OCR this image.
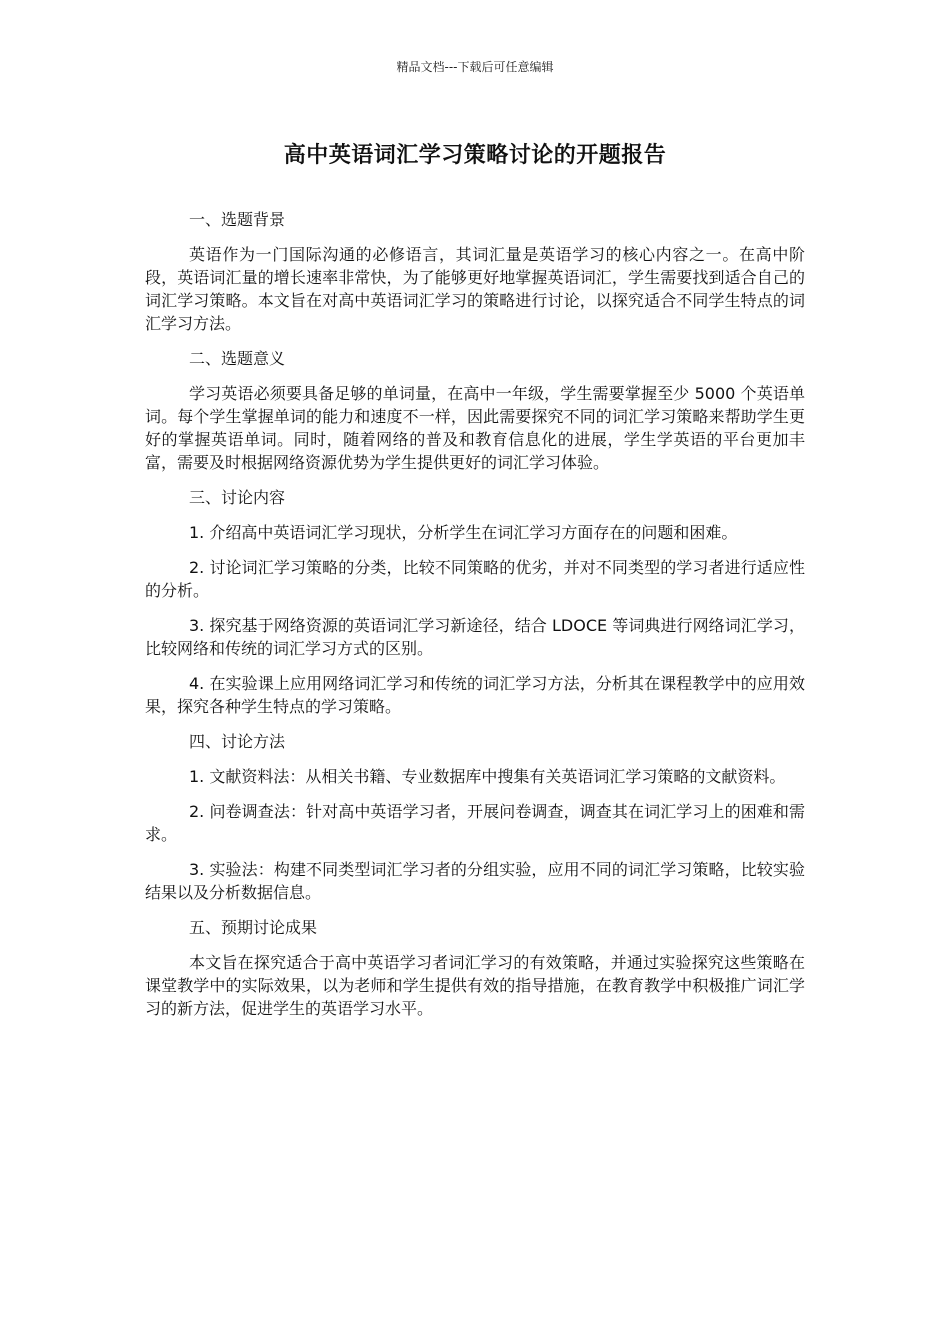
精品文档---下载后可任意编辑
高中英语词汇学习策略讨论的开题报告

一、选题背景

英语作为一门国际沟通的必修语言，其词汇量是英语学习的核心内容之一。在高中阶段，英语词汇量的增长速率非常快，为了能够更好地掌握英语词汇，学生需要找到适合自己的词汇学习策略。本文旨在对高中英语词汇学习的策略进行讨论，以探究适合不同学生特点的词汇学习方法。

二、选题意义

学习英语必须要具备足够的单词量，在高中一年级，学生需要掌握至少 5000 个英语单词。每个学生掌握单词的能力和速度不一样，因此需要探究不同的词汇学习策略来帮助学生更好的掌握英语单词。同时，随着网络的普及和教育信息化的进展，学生学英语的平台更加丰富，需要及时根据网络资源优势为学生提供更好的词汇学习体验。

三、讨论内容

1. 介绍高中英语词汇学习现状，分析学生在词汇学习方面存在的问题和困难。

2. 讨论词汇学习策略的分类，比较不同策略的优劣，并对不同类型的学习者进行适应性的分析。

3. 探究基于网络资源的英语词汇学习新途径，结合 LDOCE 等词典进行网络词汇学习，比较网络和传统的词汇学习方式的区别。

4. 在实验课上应用网络词汇学习和传统的词汇学习方法，分析其在课程教学中的应用效果，探究各种学生特点的学习策略。

四、讨论方法

1. 文献资料法：从相关书籍、专业数据库中搜集有关英语词汇学习策略的文献资料。

2. 问卷调查法：针对高中英语学习者，开展问卷调查，调查其在词汇学习上的困难和需求。

3. 实验法：构建不同类型词汇学习者的分组实验，应用不同的词汇学习策略，比较实验结果以及分析数据信息。

五、预期讨论成果

本文旨在探究适合于高中英语学习者词汇学习的有效策略，并通过实验探究这些策略在课堂教学中的实际效果，以为老师和学生提供有效的指导措施，在教育教学中积极推广词汇学习的新方法，促进学生的英语学习水平。
